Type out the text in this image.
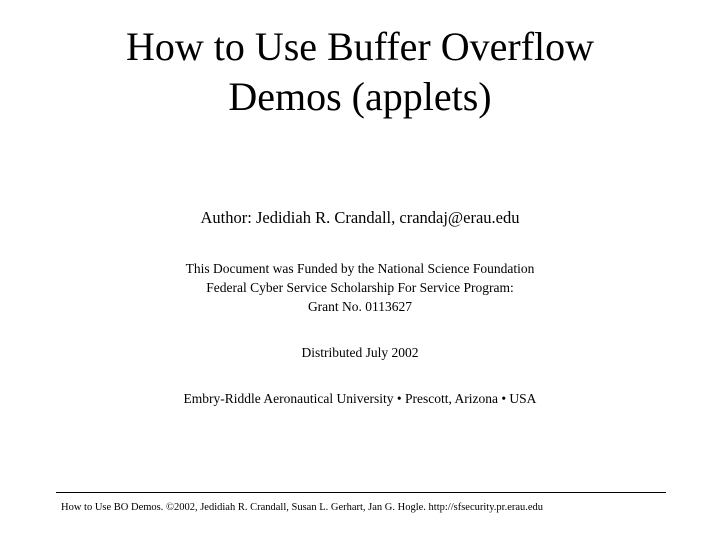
How to Use Buffer Overflow
Demos (applets)
Author: Jedidiah R. Crandall, crandaj@erau.edu
This Document was Funded by the National Science Foundation
Federal Cyber Service Scholarship For Service Program:
Grant No. 0113627
Distributed July 2002
Embry-Riddle Aeronautical University • Prescott, Arizona • USA
How to Use BO Demos. ©2002, Jedidiah R. Crandall, Susan L. Gerhart, Jan G. Hogle. http://sfsecurity.pr.erau.edu
